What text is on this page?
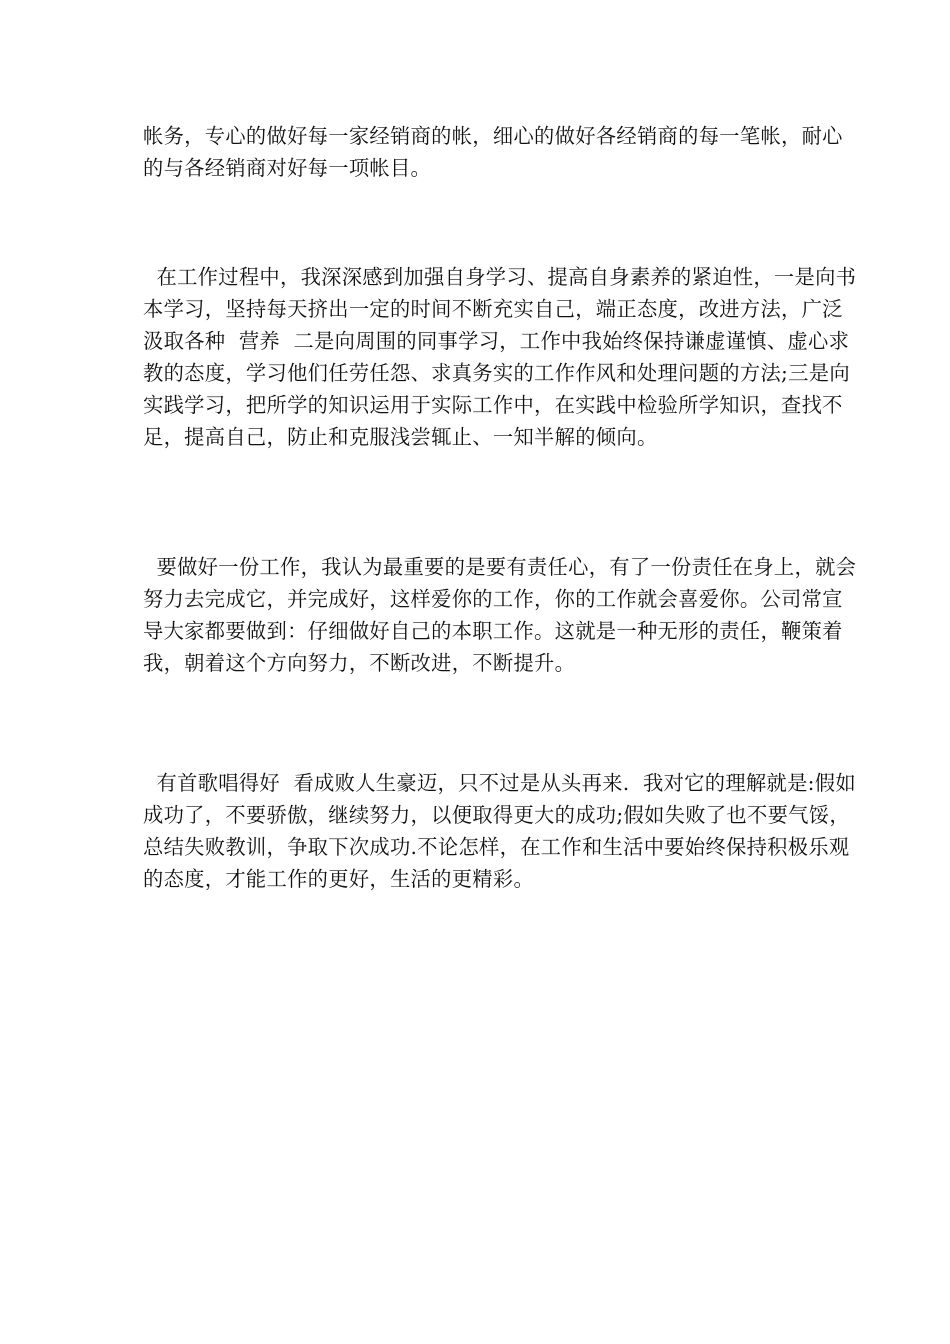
帐务，专心的做好每一家经销商的帐，细心的做好各经销商的每一笔帐，耐心
的与各经销商对好每一项帐目。
在工作过程中，我深深感到加强自身学习、提高自身素养的紧迫性，一是向书
本学习，坚持每天挤出一定的时间不断充实自己，端正态度，改进方法，广泛
汲取各种  营养  二是向周围的同事学习，工作中我始终保持谦虚谨慎、虚心求
教的态度，学习他们任劳任怨、求真务实的工作作风和处理问题的方法;三是向
实践学习，把所学的知识运用于实际工作中，在实践中检验所学知识，查找不
足，提高自己，防止和克服浅尝辄止、一知半解的倾向。
要做好一份工作，我认为最重要的是要有责任心，有了一份责任在身上，就会
努力去完成它，并完成好，这样爱你的工作，你的工作就会喜爱你。公司常宣
导大家都要做到：仔细做好自己的本职工作。这就是一种无形的责任，鞭策着
我，朝着这个方向努力，不断改进，不断提升。
有首歌唱得好  看成败人生豪迈，只不过是从头再来.  我对它的理解就是:假如
成功了，不要骄傲，继续努力，以便取得更大的成功;假如失败了也不要气馁，
总结失败教训，争取下次成功.不论怎样，在工作和生活中要始终保持积极乐观
的态度，才能工作的更好，生活的更精彩。
